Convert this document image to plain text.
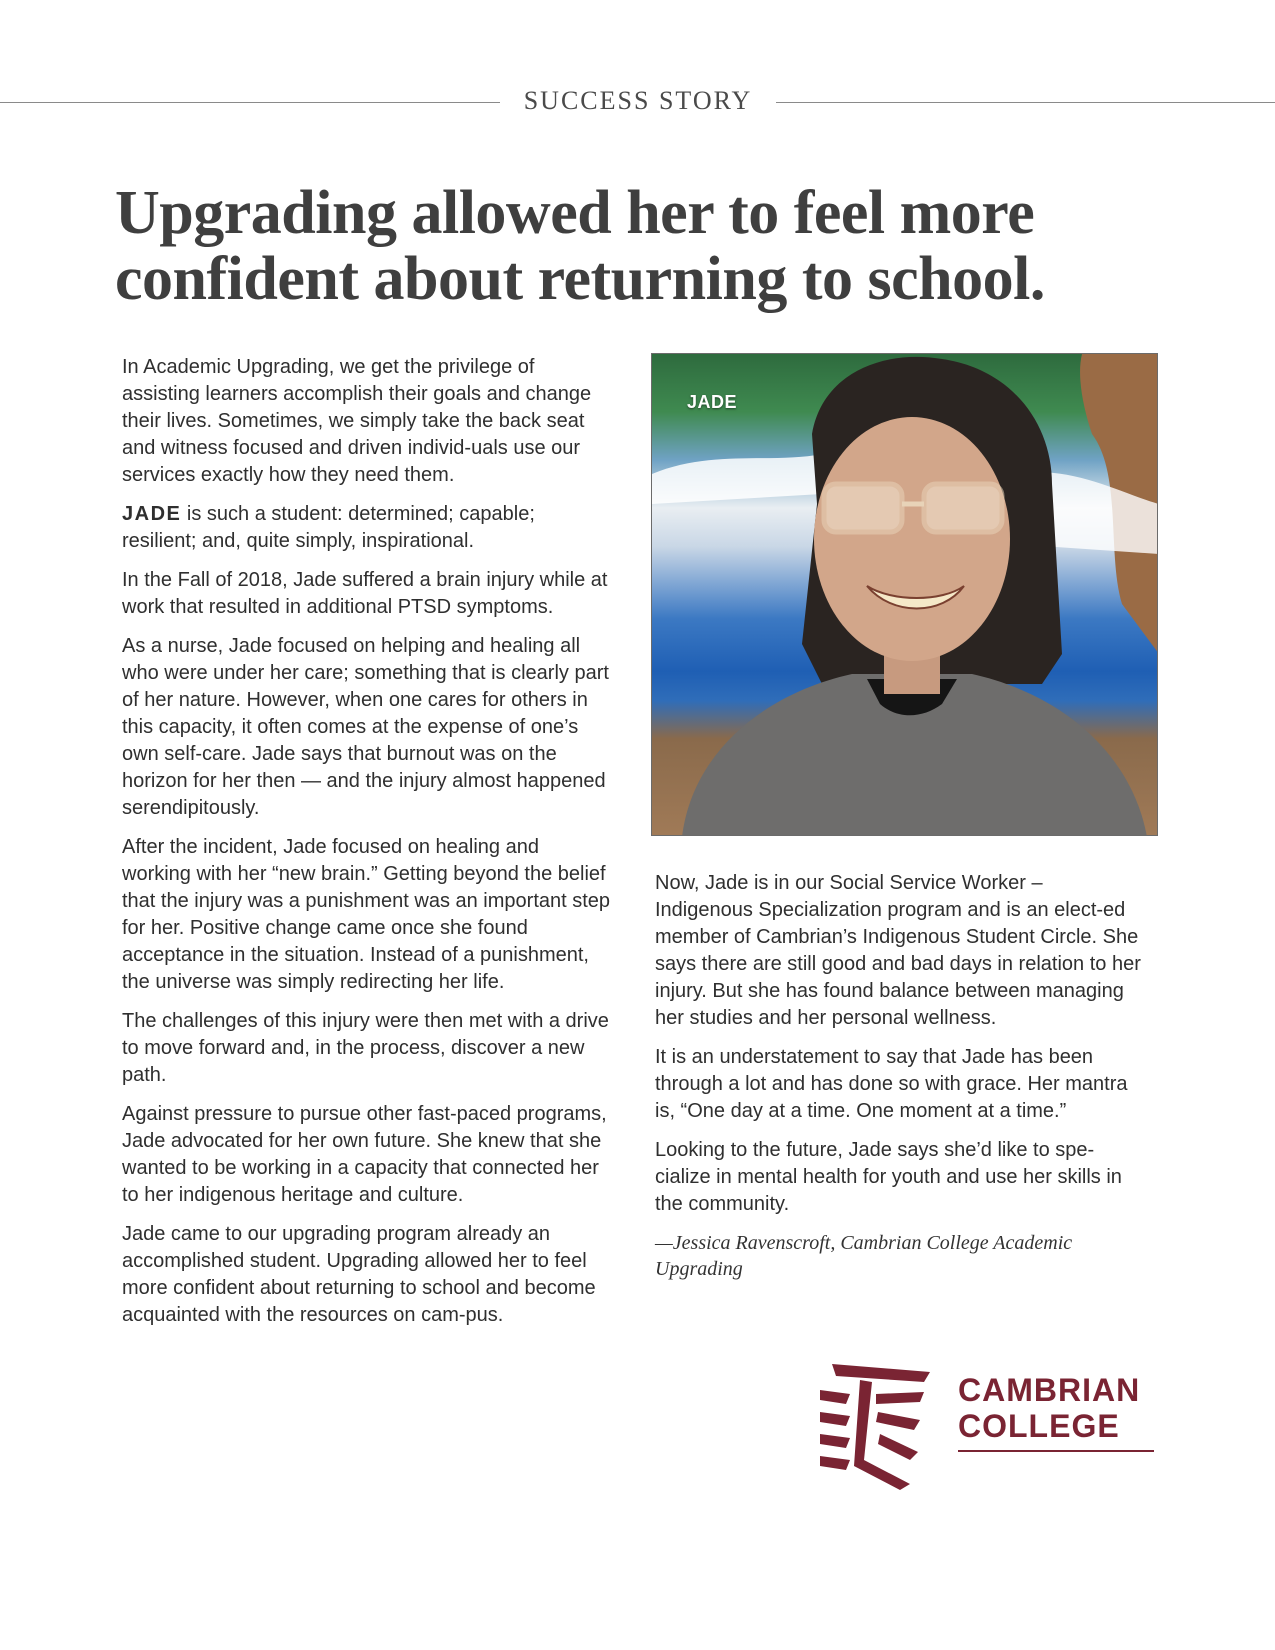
SUCCESS STORY
Upgrading allowed her to feel more
confident about returning to school.

In Academic Upgrading, we get the privilege of assisting learners accomplish their goals and change their lives. Sometimes, we simply take the back seat and witness focused and driven individ-uals use our services exactly how they need them.

JADE is such a student: determined; capable; resilient; and, quite simply, inspirational.

In the Fall of 2018, Jade suffered a brain injury while at work that resulted in additional PTSD symptoms.

As a nurse, Jade focused on helping and healing all who were under her care; something that is clearly part of her nature. However, when one cares for others in this capacity, it often comes at the expense of one’s own self-care. Jade says that burnout was on the horizon for her then — and the injury almost happened serendipitously.

After the incident, Jade focused on healing and working with her “new brain.” Getting beyond the belief that the injury was a punishment was an important step for her. Positive change came once she found acceptance in the situation. Instead of a punishment, the universe was simply redirecting her life.

The challenges of this injury were then met with a drive to move forward and, in the process, discover a new path.

Against pressure to pursue other fast-paced programs, Jade advocated for her own future. She knew that she wanted to be working in a capacity that connected her to her indigenous heritage and culture.

Jade came to our upgrading program already an accomplished student. Upgrading allowed her to feel more confident about returning to school and become acquainted with the resources on cam-pus.

JADE

Now, Jade is in our Social Service Worker – Indigenous Specialization program and is an elect-ed member of Cambrian’s Indigenous Student Circle. She says there are still good and bad days in relation to her injury. But she has found balance between managing her studies and her personal wellness.

It is an understatement to say that Jade has been through a lot and has done so with grace. Her mantra is, “One day at a time. One moment at a time.”

Looking to the future, Jade says she’d like to spe-cialize in mental health for youth and use her skills in the community.

—Jessica Ravenscroft, Cambrian College Academic Upgrading

CAMBRIAN
COLLEGE
